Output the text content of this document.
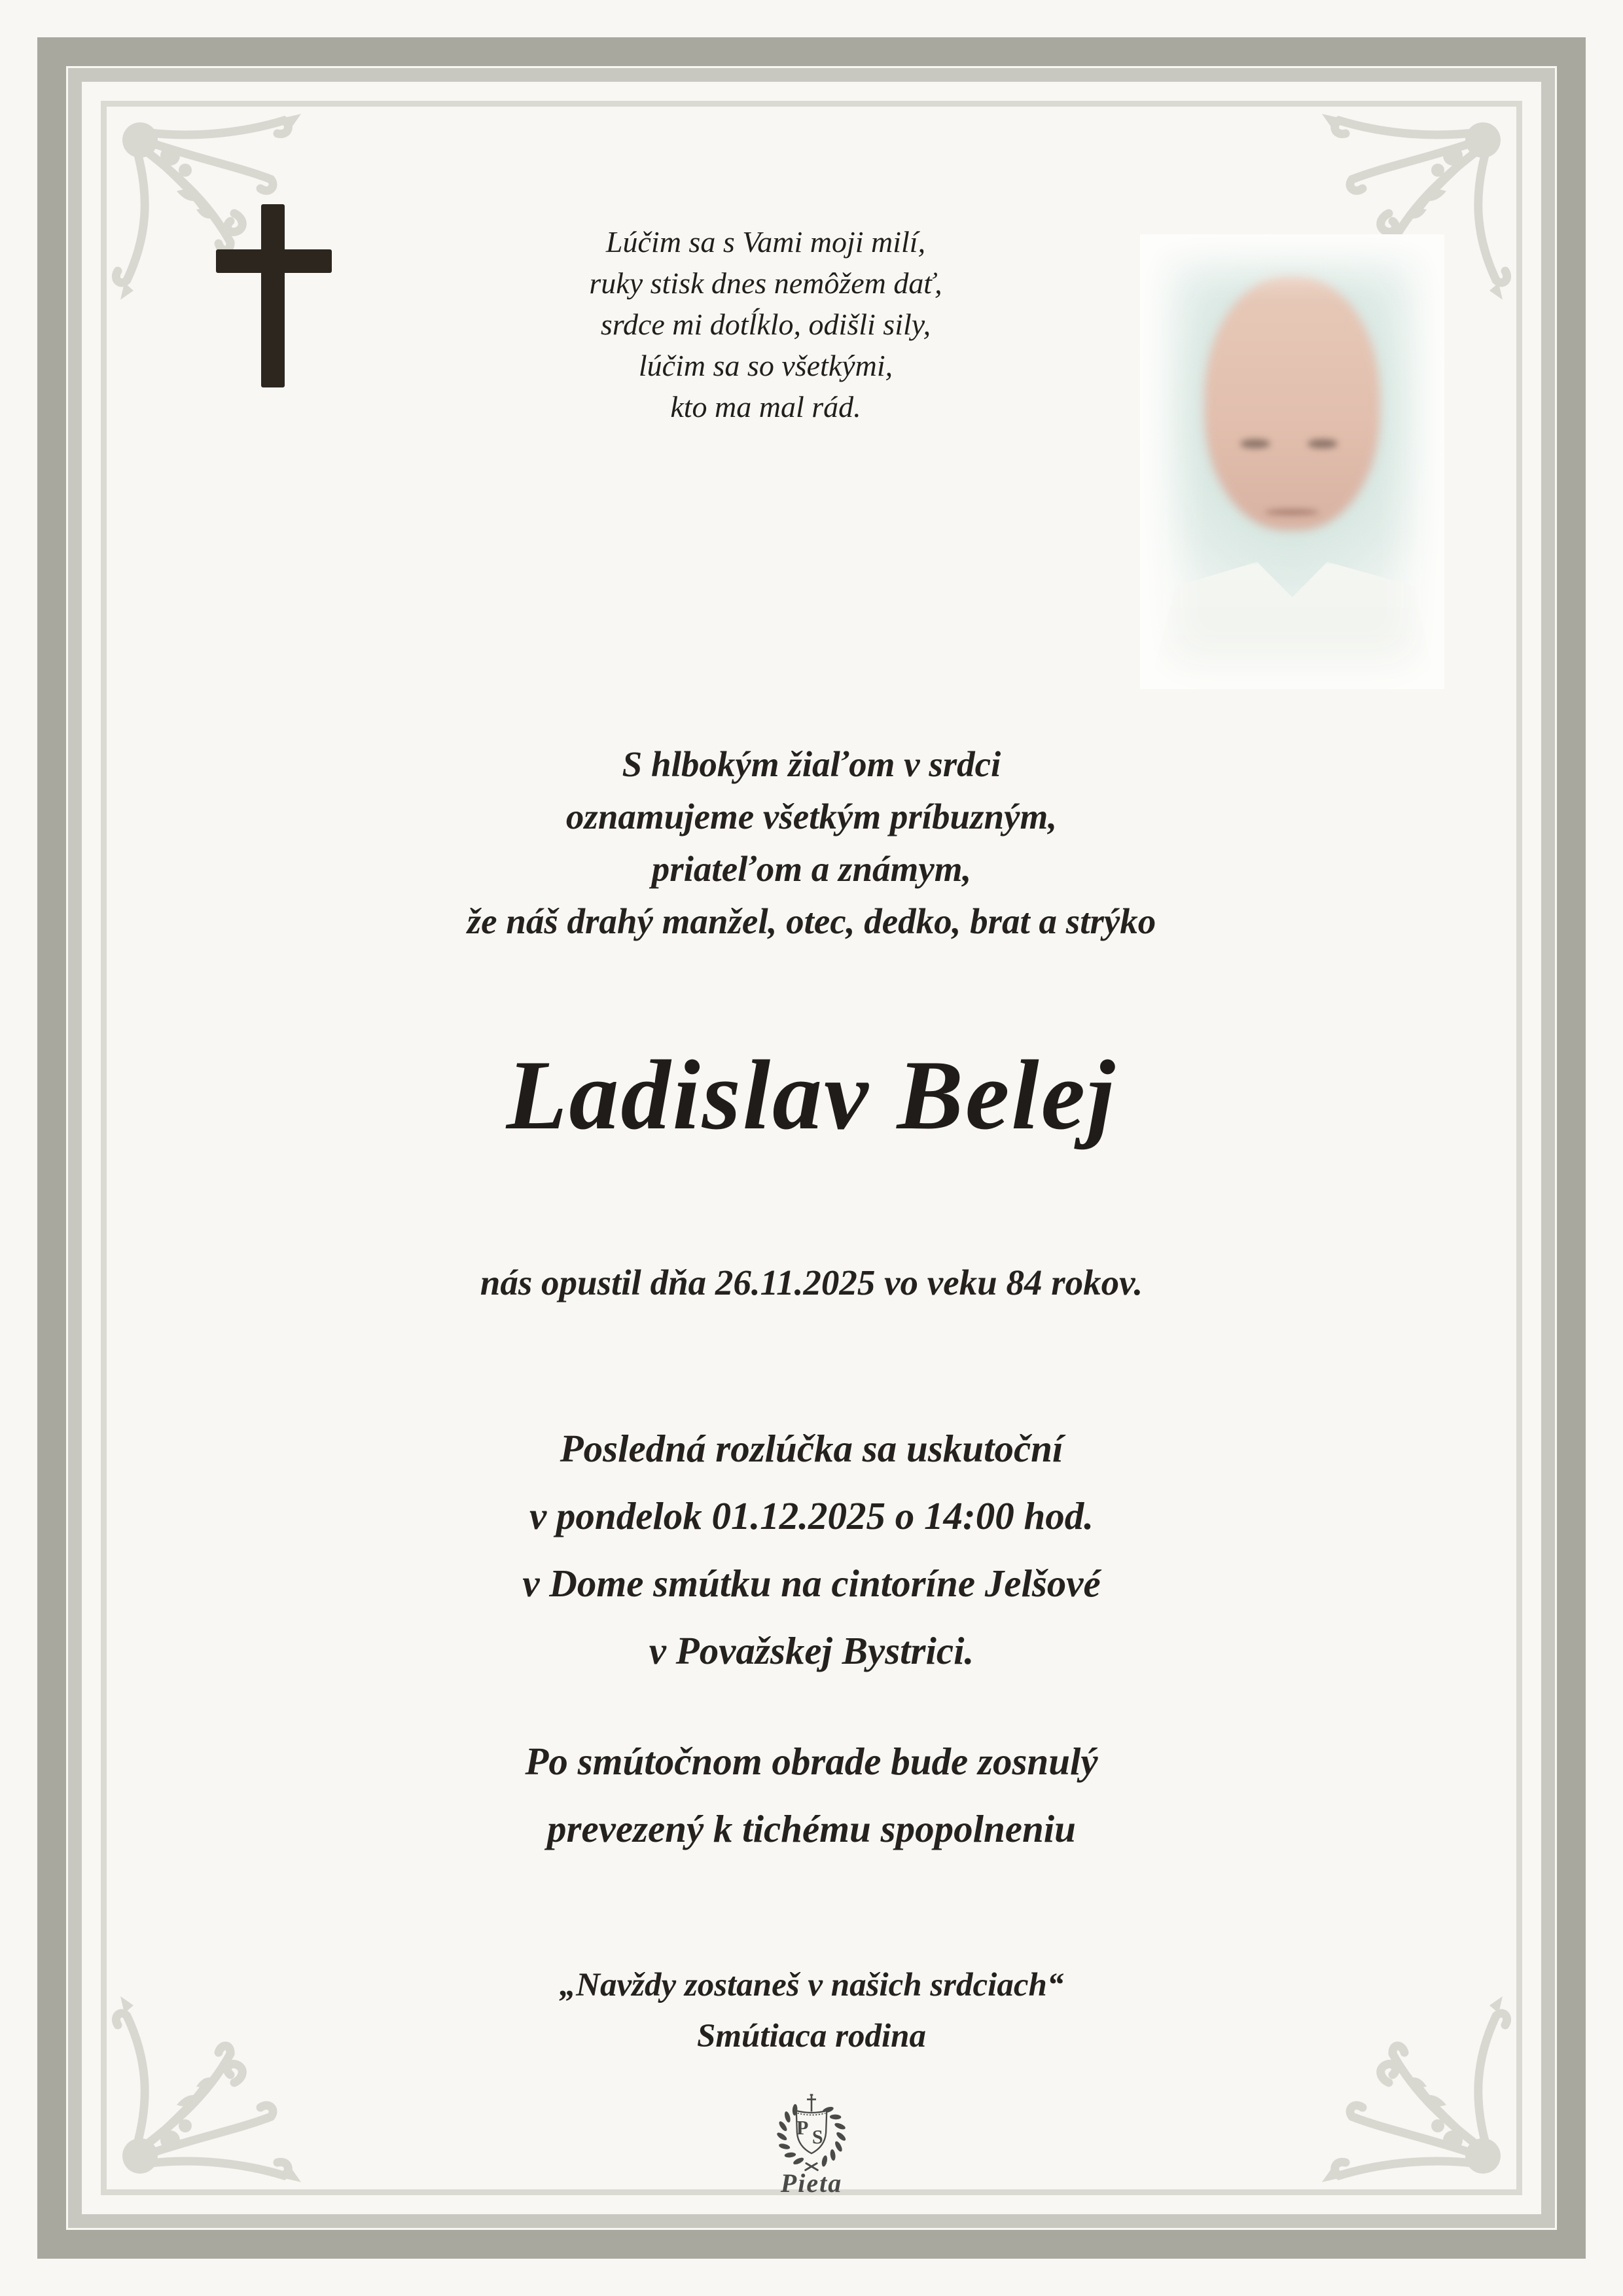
Lúčim sa s Vami moji milí,
ruky stisk dnes nemôžem dať,
srdce mi dotĺklo, odišli sily,
lúčim sa so všetkými,
kto ma mal rád.
S hlbokým žiaľom v srdci
oznamujeme všetkým príbuzným,
priateľom a známym,
že náš drahý manžel, otec, dedko, brat a strýko
Ladislav Belej
nás opustil dňa 26.11.2025 vo veku 84 rokov.
Posledná rozlúčka sa uskutoční
v pondelok 01.12.2025 o 14:00 hod.
v Dome smútku na cintoríne Jelšové
v Považskej Bystrici.
Po smútočnom obrade bude zosnulý
prevezený k tichému spopolneniu
„Navždy zostaneš v našich srdciach“
Smútiaca rodina
P S
Pieta
